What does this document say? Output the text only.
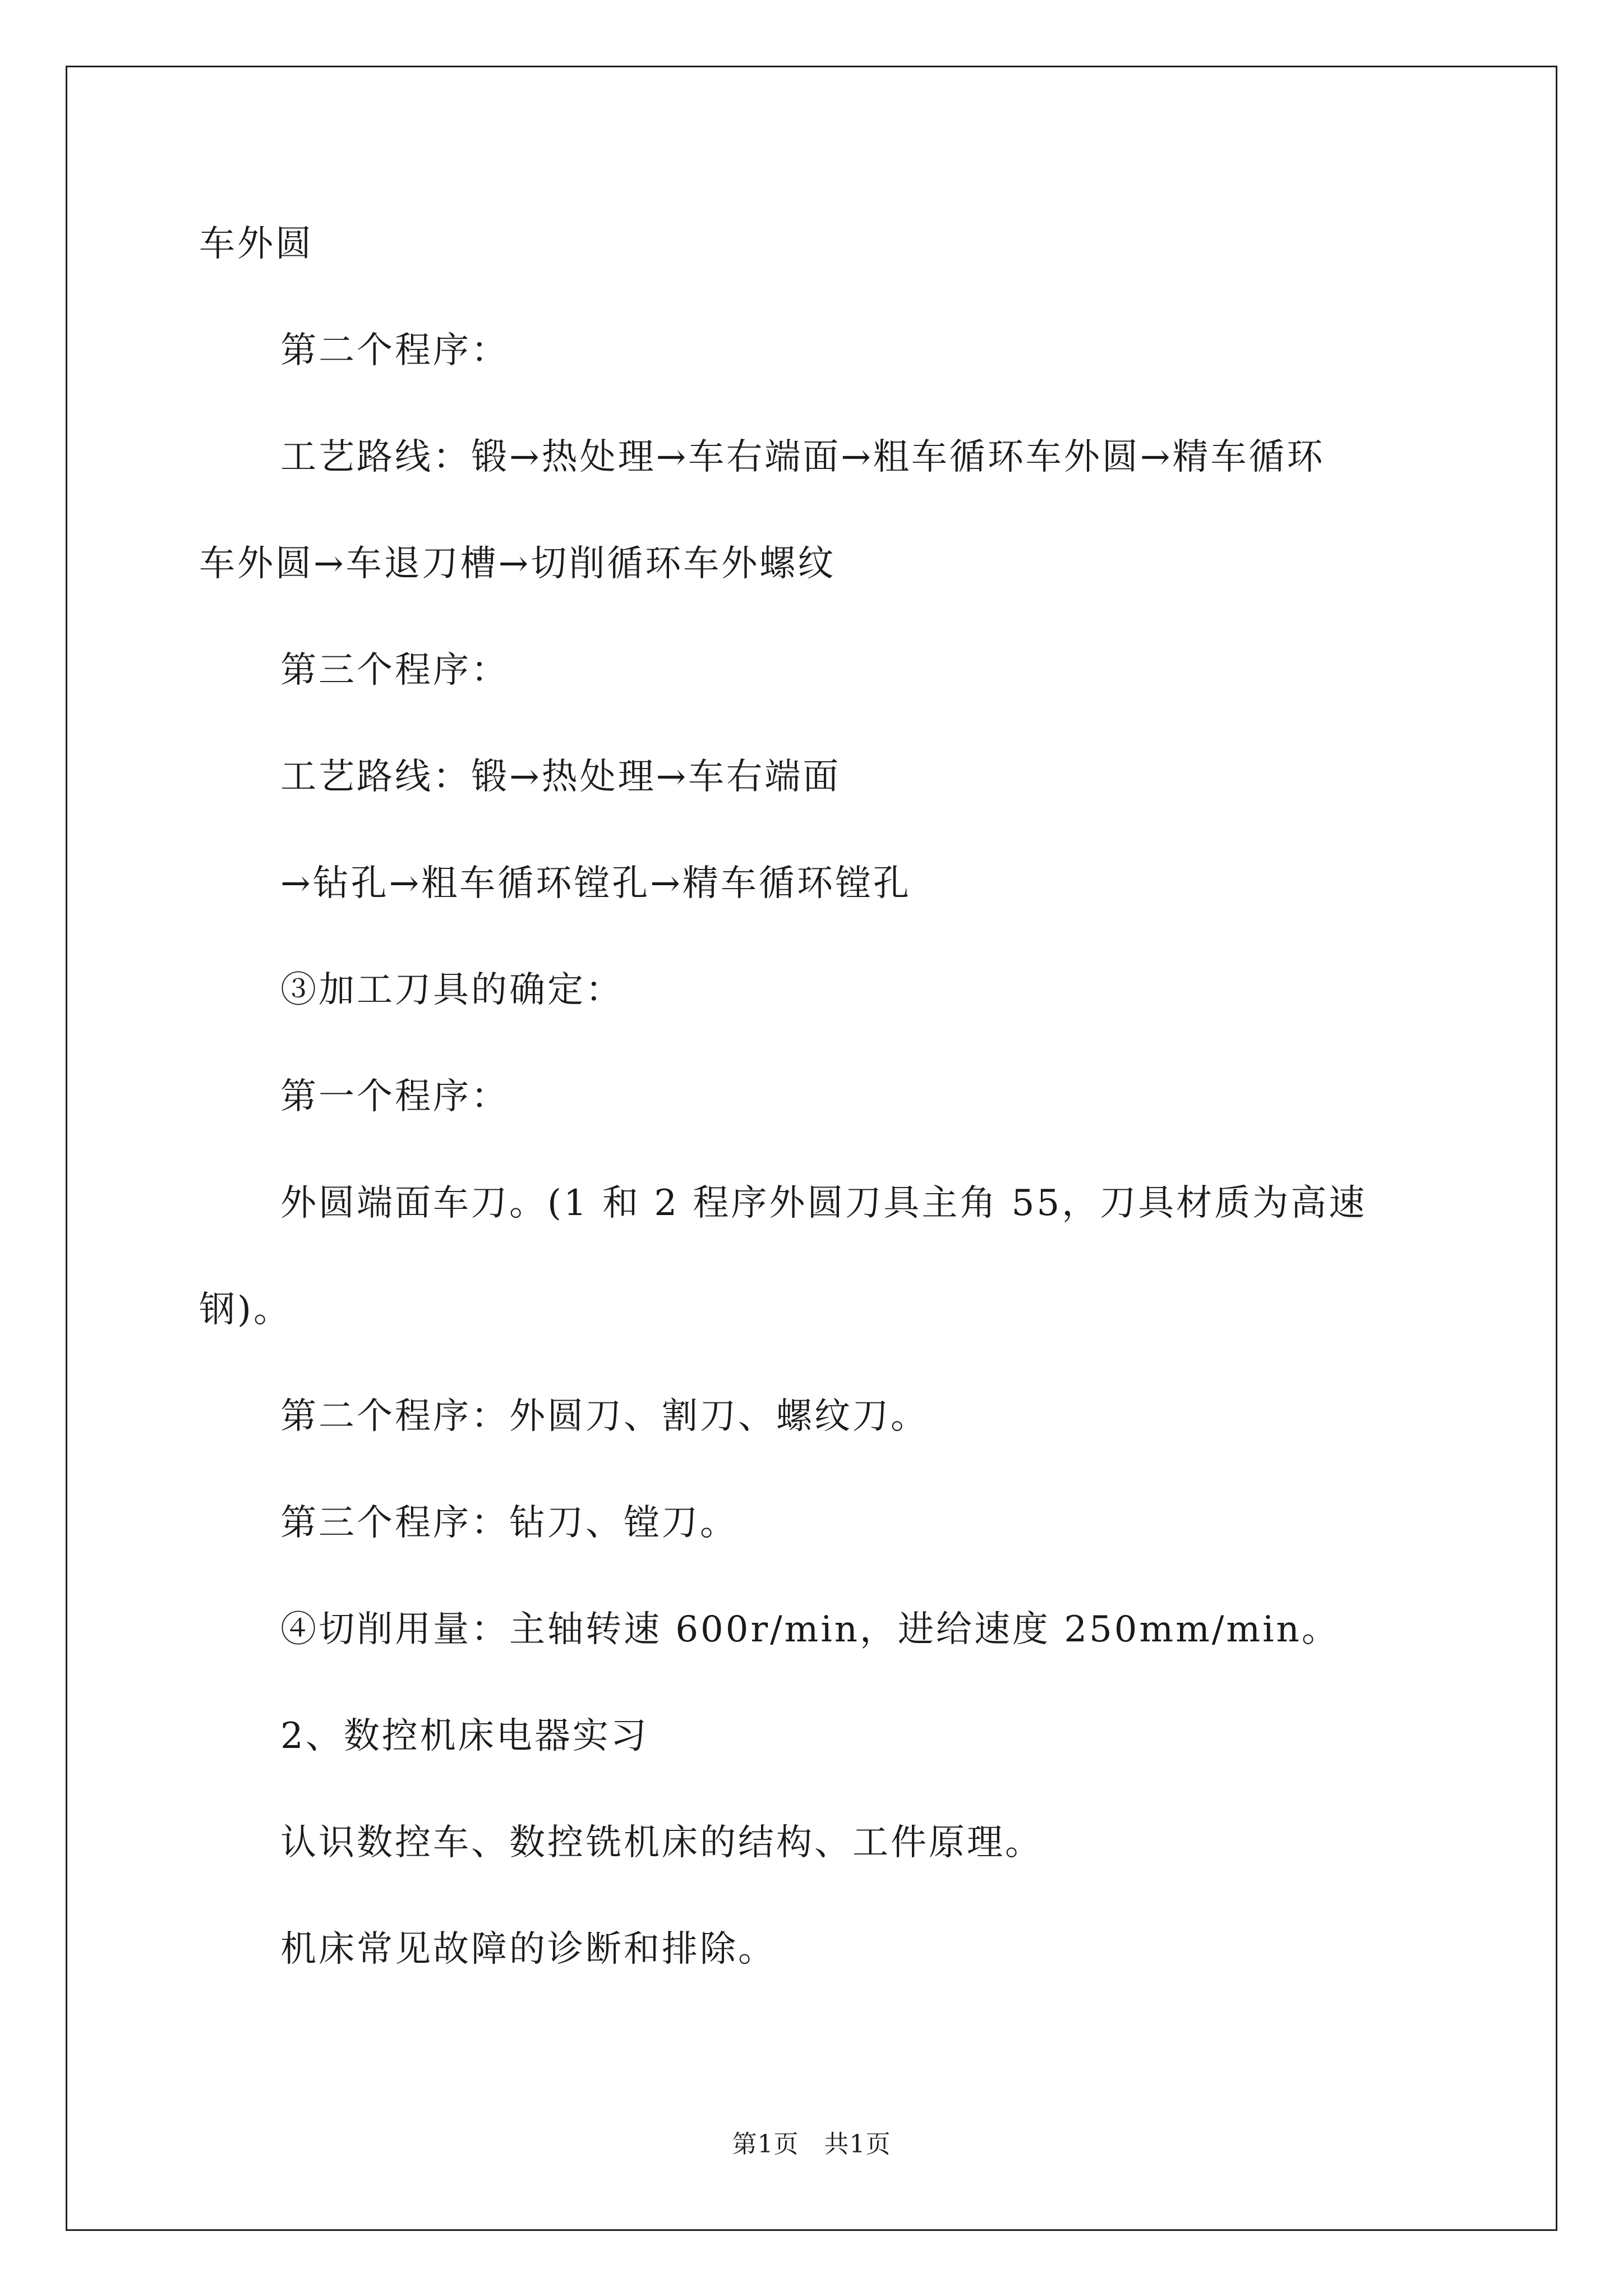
车外圆
第二个程序：
工艺路线：锻→热处理→车右端面→粗车循环车外圆→精车循环
车外圆→车退刀槽→切削循环车外螺纹
第三个程序：
工艺路线：锻→热处理→车右端面
→钻孔→粗车循环镗孔→精车循环镗孔
③加工刀具的确定：
第一个程序：
外圆端面车刀。(1 和 2 程序外圆刀具主角 55，刀具材质为高速
钢)。
第二个程序：外圆刀、割刀、螺纹刀。
第三个程序：钻刀、镗刀。
④切削用量：主轴转速 600r/min，进给速度 250mm/min。
2、数控机床电器实习
认识数控车、数控铣机床的结构、工件原理。
机床常见故障的诊断和排除。
第1页　共1页
